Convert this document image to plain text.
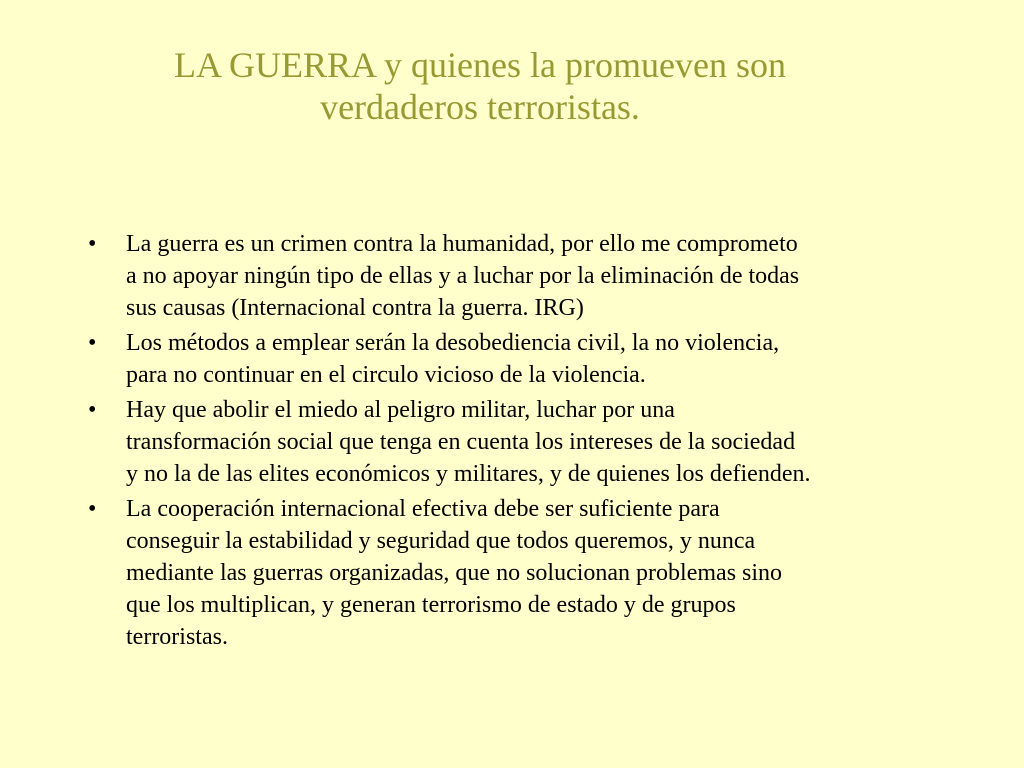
LA GUERRA y quienes la promueven son
verdaderos terroristas.
•	La guerra es un crimen contra la humanidad, por ello me comprometo
a no apoyar ningún tipo de ellas y a luchar por la eliminación de todas
sus causas (Internacional contra la guerra. IRG)
•	Los métodos a emplear serán la desobediencia civil, la no violencia,
para no continuar en el circulo vicioso de la violencia.
•	Hay que abolir el miedo al peligro militar, luchar por una
transformación social que tenga en cuenta los intereses de la sociedad
y no la de las elites económicos y militares, y de quienes los defienden.
•	La cooperación internacional efectiva debe ser suficiente para
conseguir la estabilidad y seguridad que todos queremos, y nunca
mediante las guerras organizadas, que no solucionan problemas sino
que los multiplican, y generan terrorismo de estado y de grupos
terroristas.
